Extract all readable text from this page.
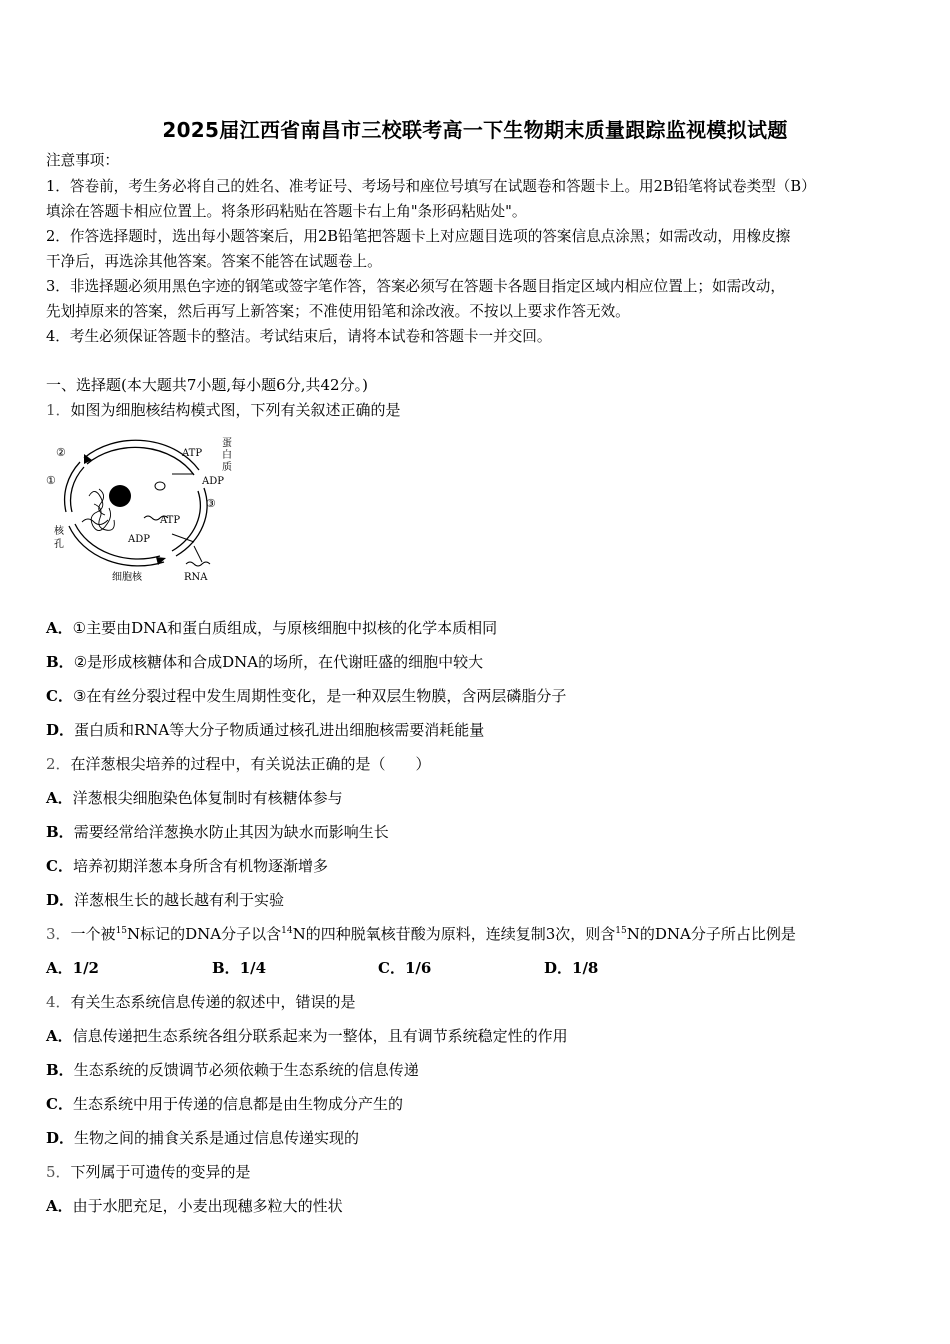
2025届江西省南昌市三校联考高一下生物期末质量跟踪监视模拟试题
注意事项：
1．答卷前，考生务必将自己的姓名、准考证号、考场号和座位号填写在试题卷和答题卡上。用2B铅笔将试卷类型（B）
填涂在答题卡相应位置上。将条形码粘贴在答题卡右上角"条形码粘贴处"。
2．作答选择题时，选出每小题答案后，用2B铅笔把答题卡上对应题目选项的答案信息点涂黑；如需改动，用橡皮擦
干净后，再选涂其他答案。答案不能答在试题卷上。
3．非选择题必须用黑色字迹的钢笔或签字笔作答，答案必须写在答题卡各题目指定区域内相应位置上；如需改动，
先划掉原来的答案，然后再写上新答案；不准使用铅笔和涂改液。不按以上要求作答无效。
4．考生必须保证答题卡的整洁。考试结束后，请将本试卷和答题卡一并交回。
一、选择题(本大题共7小题,每小题6分,共42分。)
1．如图为细胞核结构模式图，下列有关叙述正确的是
②
①
③
ATP
ADP
ATP
ADP
蛋
白
质
核
孔
细胞核	RNA
A．①主要由DNA和蛋白质组成，与原核细胞中拟核的化学本质相同
B．②是形成核糖体和合成DNA的场所，在代谢旺盛的细胞中较大
C．③在有丝分裂过程中发生周期性变化，是一种双层生物膜，含两层磷脂分子
D．蛋白质和RNA等大分子物质通过核孔进出细胞核需要消耗能量
2．在洋葱根尖培养的过程中，有关说法正确的是（　　）
A．洋葱根尖细胞染色体复制时有核糖体参与
B．需要经常给洋葱换水防止其因为缺水而影响生长
C．培养初期洋葱本身所含有机物逐渐增多
D．洋葱根生长的越长越有利于实验
3．一个被$^{15}$N标记的DNA分子以含$^{14}$N的四种脱氧核苷酸为原料，连续复制3次，则含$^{15}$N的DNA分子所占比例是
A．1/2	B．1/4	C．1/6	D．1/8
4．有关生态系统信息传递的叙述中，错误的是
A．信息传递把生态系统各组分联系起来为一整体，且有调节系统稳定性的作用
B．生态系统的反馈调节必须依赖于生态系统的信息传递
C．生态系统中用于传递的信息都是由生物成分产生的
D．生物之间的捕食关系是通过信息传递实现的
5．下列属于可遗传的变异的是
A．由于水肥充足，小麦出现穗多粒大的性状
